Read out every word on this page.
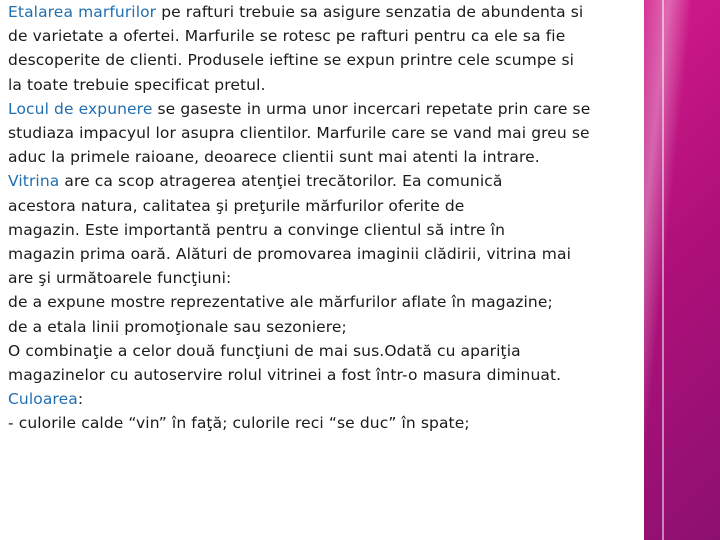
Etalarea marfurilor pe rafturi trebuie sa asigure senzatia de abundenta si
de varietate a ofertei. Marfurile se rotesc pe rafturi pentru ca ele sa fie
descoperite de clienti. Produsele ieftine se expun printre cele scumpe si
la toate trebuie specificat pretul.
Locul de expunere se gaseste in urma unor incercari repetate prin care se
studiaza impacyul lor asupra clientilor. Marfurile care se vand mai greu se
aduc la primele raioane, deoarece clientii sunt mai atenti la intrare.
Vitrina are ca scop atragerea atenţiei trecătorilor. Ea comunică
acestora natura, calitatea şi preţurile mărfurilor oferite de
magazin. Este importantă pentru a convinge clientul să intre în
magazin prima oară. Alături de promovarea imaginii clădirii, vitrina mai
are şi următoarele funcţiuni:
de a expune mostre reprezentative ale mărfurilor aflate în magazine;
de a etala linii promoţionale sau sezoniere;
O combinaţie a celor două funcţiuni de mai sus.Odată cu apariţia
magazinelor cu autoservire rolul vitrinei a fost într-o masura diminuat.
Culoarea:
- culorile calde “vin” în faţă; culorile reci “se duc” în spate;
